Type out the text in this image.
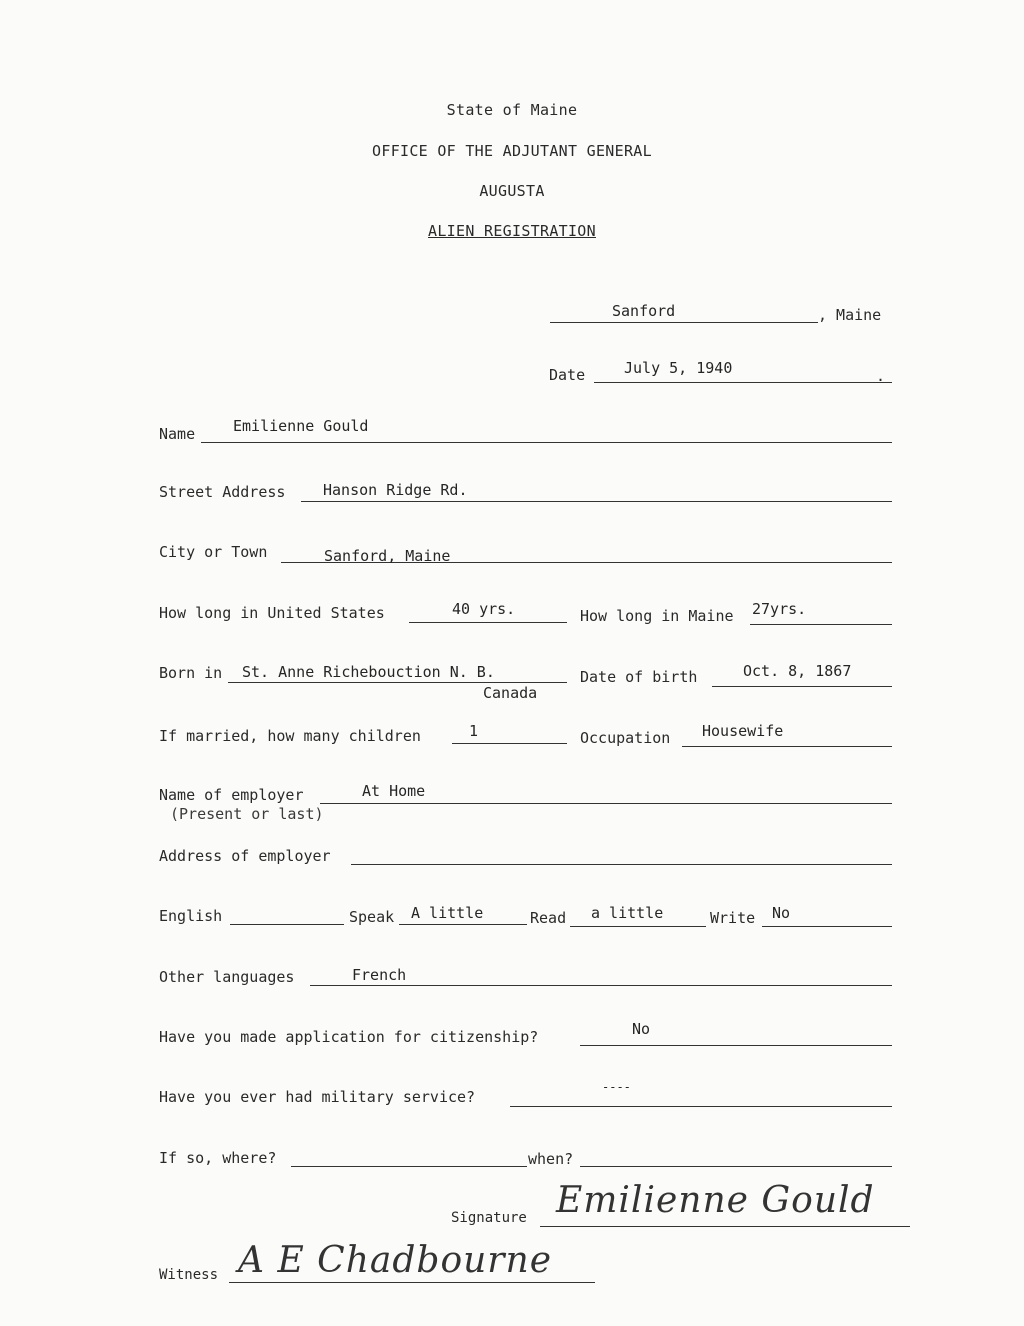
State of Maine
OFFICE OF THE ADJUTANT GENERAL
AUGUSTA
ALIEN REGISTRATION
Sanford	, Maine
Date	July 5, 1940	.
Name	Emilienne Gould
Street Address	Hanson Ridge Rd.
City or Town	Sanford, Maine
How long in United States	40 yrs.	How long in Maine 27yrs.
Born in St. Anne Richebouction N. B.
Canada
Date of birth	Oct. 8, 1867
If married, how many children	1	Occupation Housewife
Name of employer
(Present or last)
At Home
Address of employer
English	Speak A little	Read a little	Write No
Other languages	French
Have you made application for citizenship?	No
Have you ever had military service?
----
If so, where?	when?
Signature Emilienne Gould
Witness A E Chadbourne
